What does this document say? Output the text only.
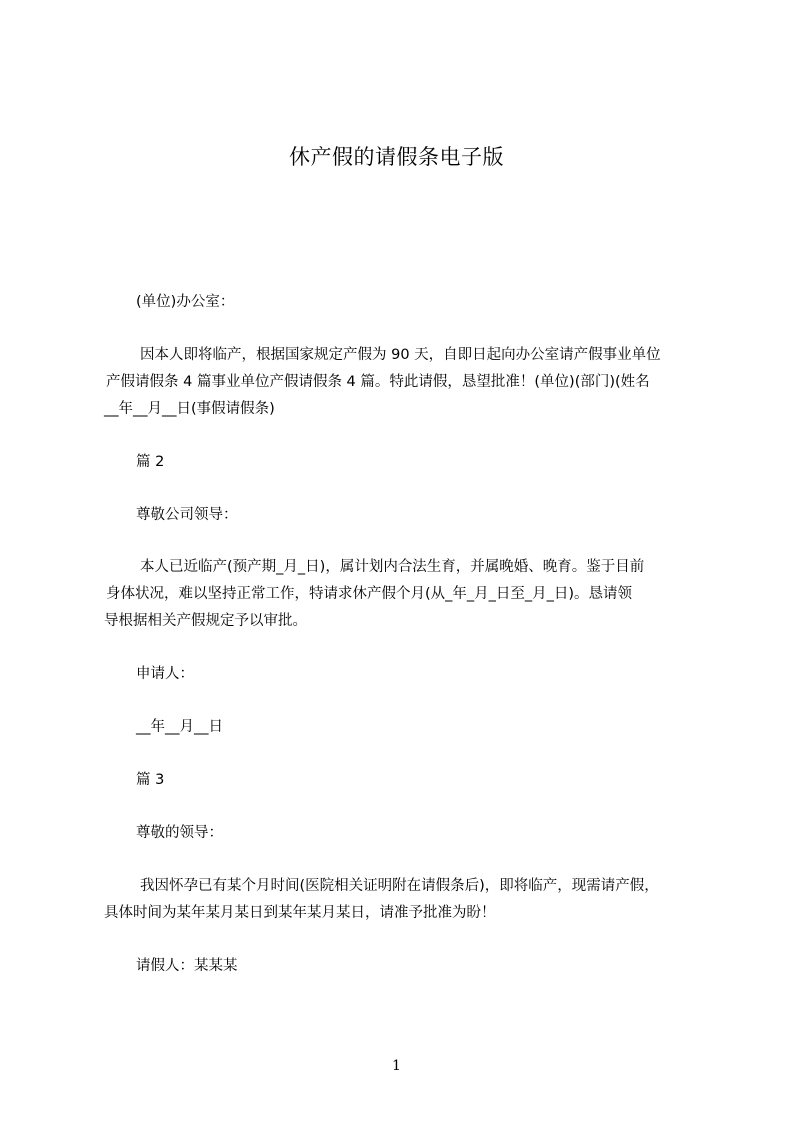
休产假的请假条电子版
(单位)办公室：
因本人即将临产，根据国家规定产假为 90 天，自即日起向办公室请产假事业单位
产假请假条 4 篇事业单位产假请假条 4 篇。特此请假，恳望批准！(单位)(部门)(姓名
__年__月__日(事假请假条)
篇 2
尊敬公司领导：
本人已近临产(预产期_月_日)，属计划内合法生育，并属晚婚、晚育。鉴于目前
身体状况，难以坚持正常工作，特请求休产假个月(从_年_月_日至_月_日)。恳请领
导根据相关产假规定予以审批。
申请人：
__年__月__日
篇 3
尊敬的领导：
我因怀孕已有某个月时间(医院相关证明附在请假条后)，即将临产，现需请产假，
具体时间为某年某月某日到某年某月某日，请准予批准为盼！
请假人：某某某
1
